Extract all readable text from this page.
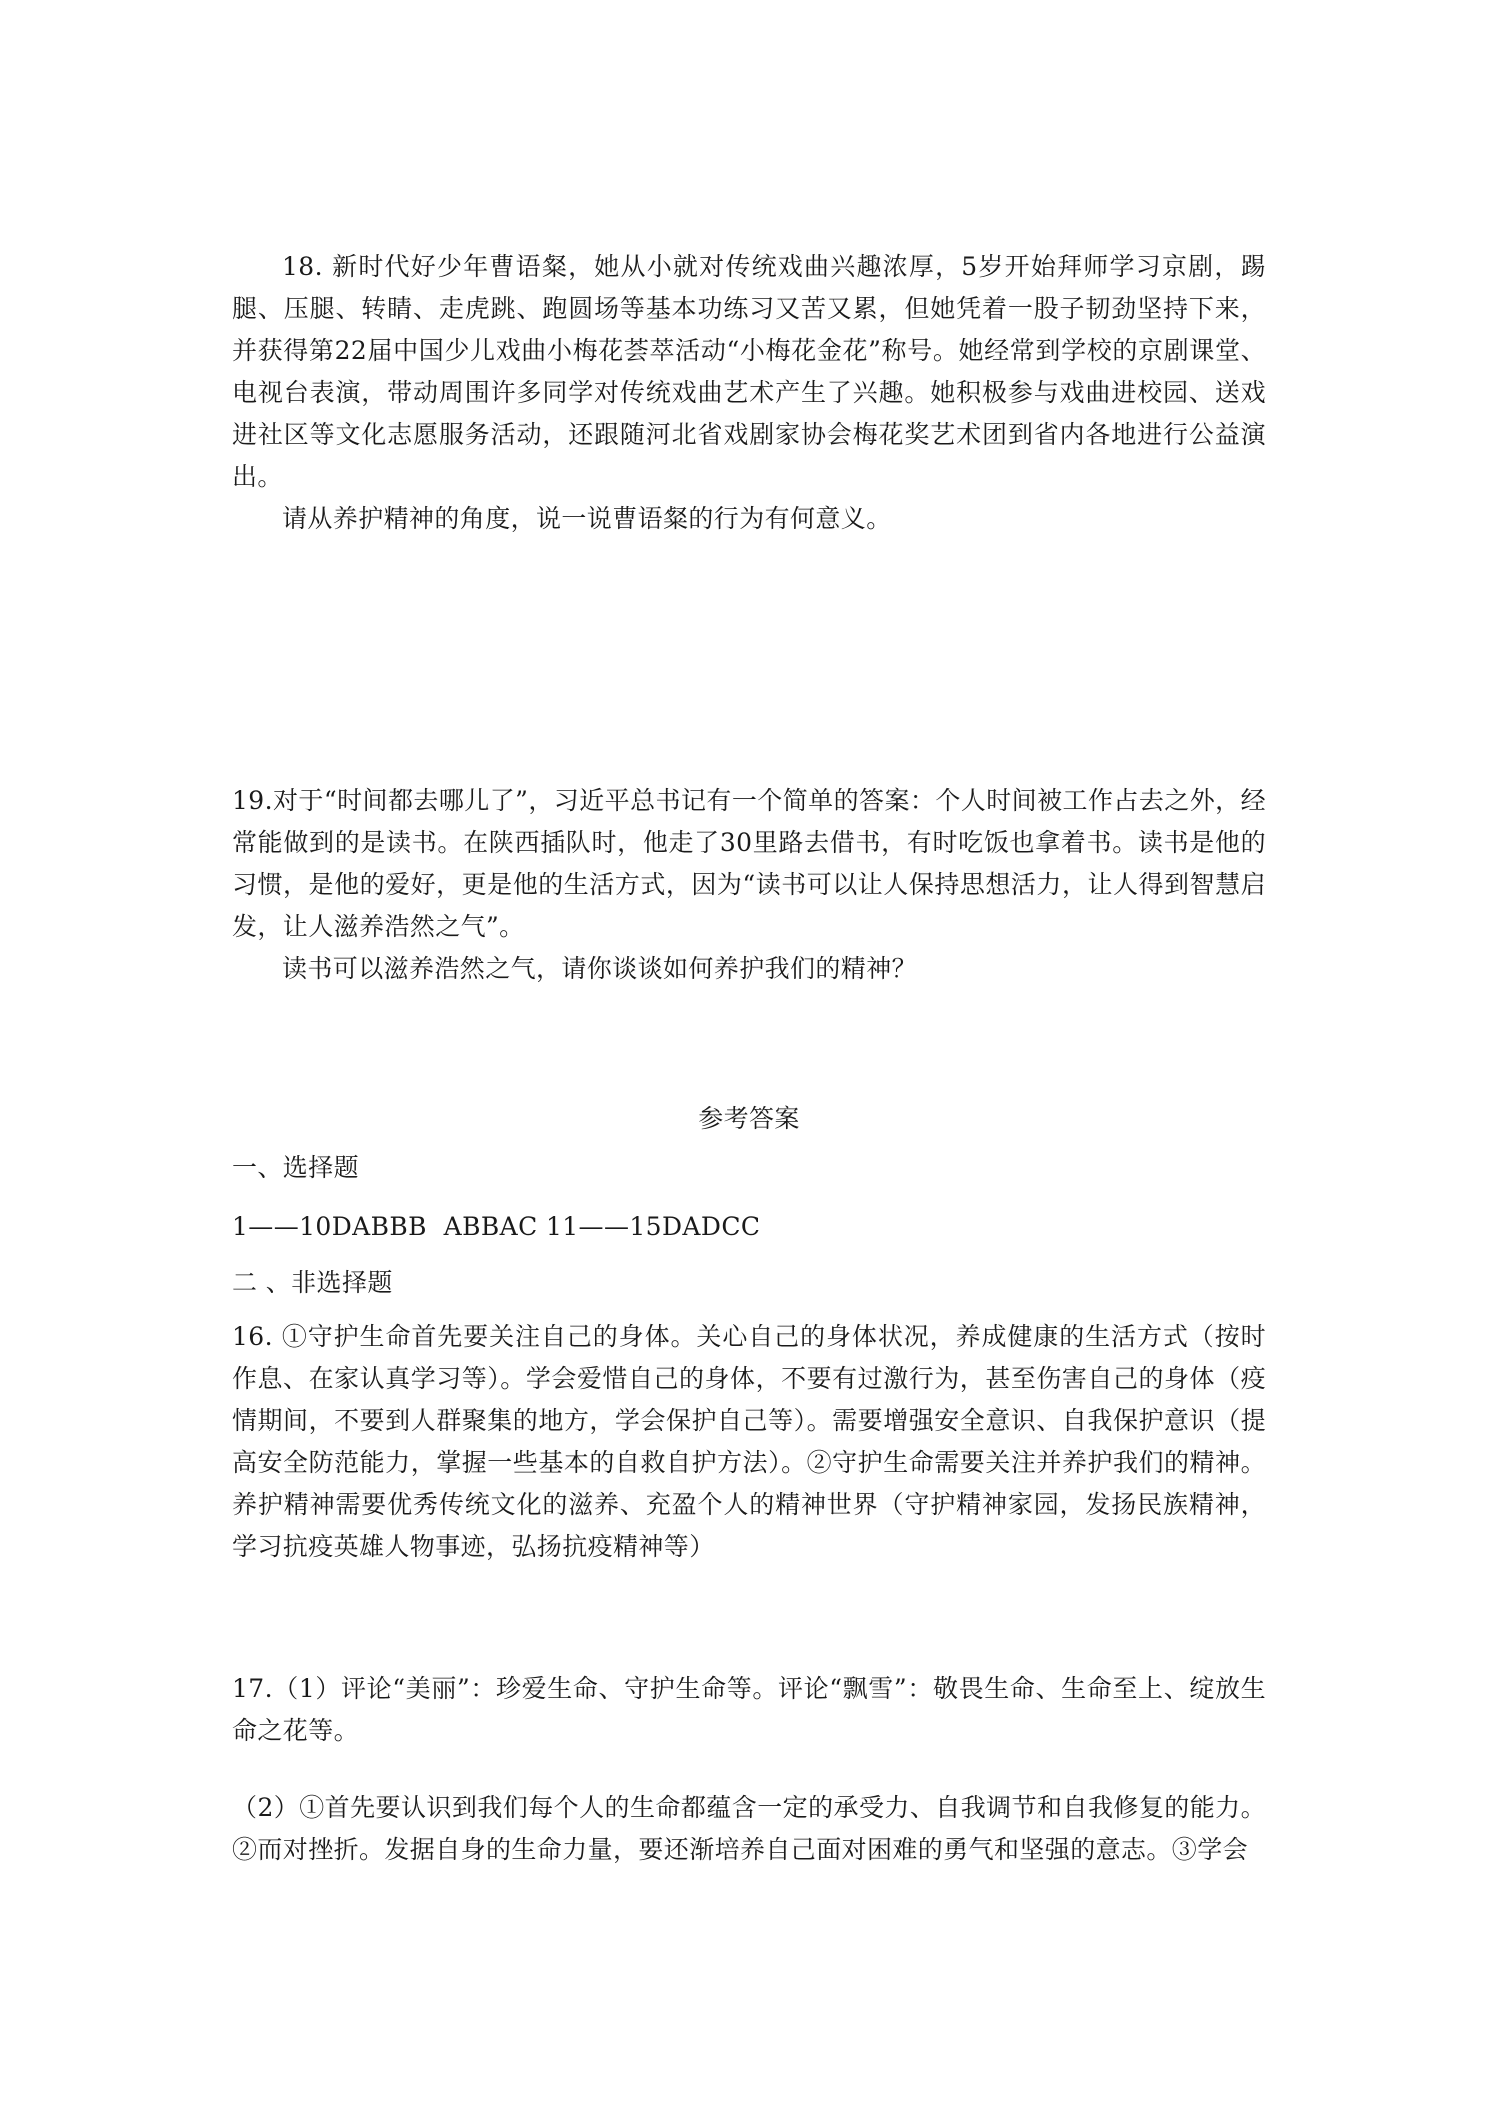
18. 新时代好少年曹语粲，她从小就对传统戏曲兴趣浓厚，5岁开始拜师学习京剧，踢腿、压腿、转睛、走虎跳、跑圆场等基本功练习又苦又累，但她凭着一股子韧劲坚持下来，并获得第22届中国少儿戏曲小梅花荟萃活动“小梅花金花”称号。她经常到学校的京剧课堂、电视台表演，带动周围许多同学对传统戏曲艺术产生了兴趣。她积极参与戏曲进校园、送戏进社区等文化志愿服务活动，还跟随河北省戏剧家协会梅花奖艺术团到省内各地进行公益演出。

请从养护精神的角度，说一说曹语粲的行为有何意义。

19.对于“时间都去哪儿了”，习近平总书记有一个简单的答案：个人时间被工作占去之外，经常能做到的是读书。在陕西插队时，他走了30里路去借书，有时吃饭也拿着书。读书是他的习惯，是他的爱好，更是他的生活方式，因为“读书可以让人保持思想活力，让人得到智慧启发，让人滋养浩然之气”。

读书可以滋养浩然之气，请你谈谈如何养护我们的精神？

参考答案

一、选择题

1——10DABBB  ABBAC 11——15DADCC

二 、非选择题

16. ①守护生命首先要关注自己的身体。关心自己的身体状况，养成健康的生活方式（按时作息、在家认真学习等）。学会爱惜自己的身体，不要有过激行为，甚至伤害自己的身体（疫情期间，不要到人群聚集的地方，学会保护自己等）。需要增强安全意识、自我保护意识（提高安全防范能力，掌握一些基本的自救自护方法）。②守护生命需要关注并养护我们的精神。养护精神需要优秀传统文化的滋养、充盈个人的精神世界（守护精神家园，发扬民族精神，学习抗疫英雄人物事迹，弘扬抗疫精神等）

17.（1）评论“美丽”：珍爱生命、守护生命等。评论“飘雪”：敬畏生命、生命至上、绽放生命之花等。

（2）①首先要认识到我们每个人的生命都蕴含一定的承受力、自我调节和自我修复的能力。②而对挫折。发据自身的生命力量，要还渐培养自己面对困难的勇气和坚强的意志。③学会
